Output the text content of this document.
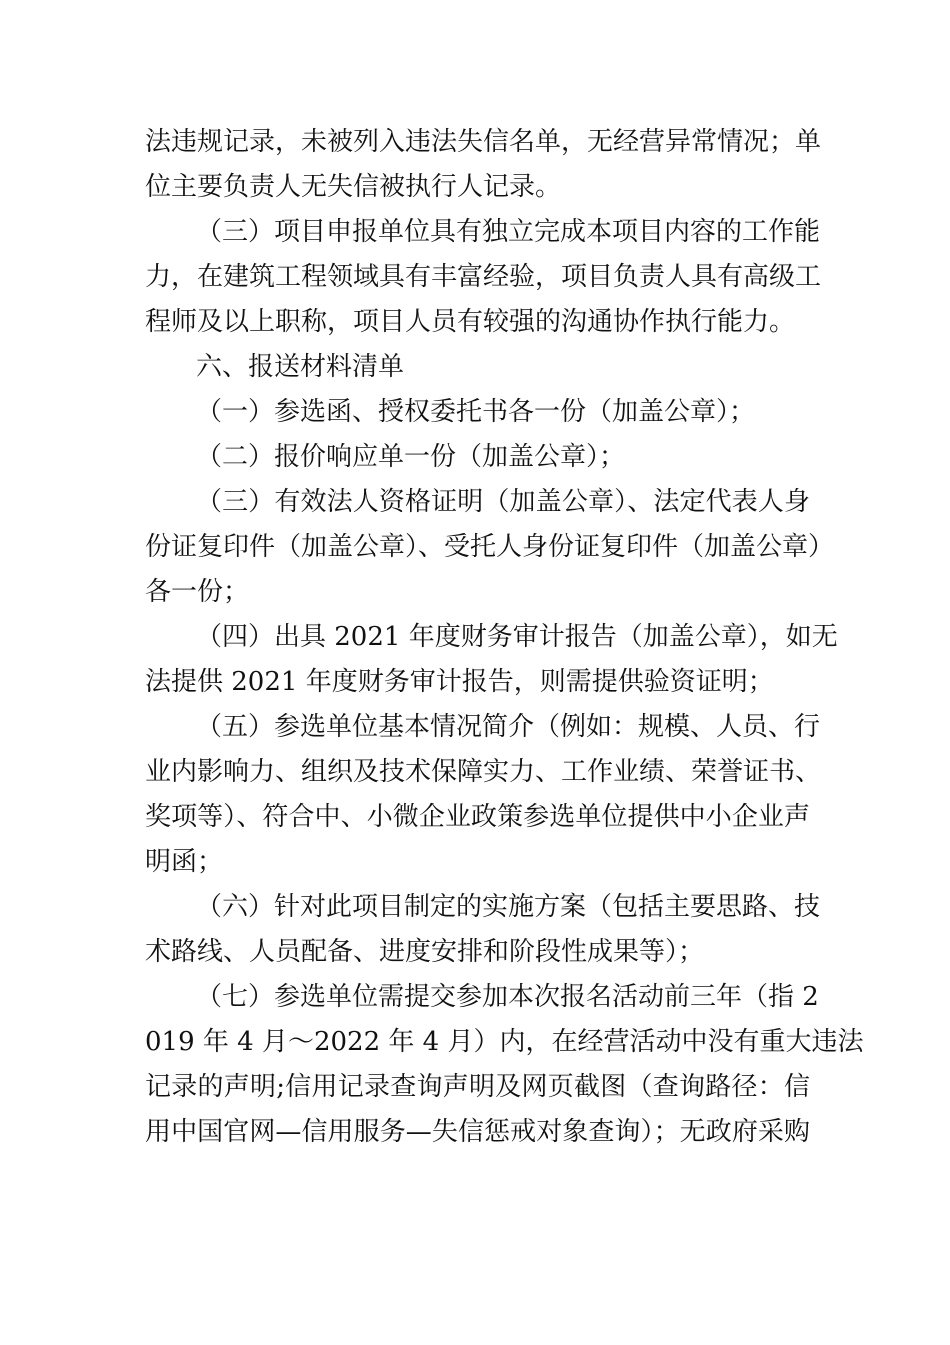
法违规记录，未被列入违法失信名单，无经营异常情况；单
位主要负责人无失信被执行人记录。
（三）项目申报单位具有独立完成本项目内容的工作能
力，在建筑工程领域具有丰富经验，项目负责人具有高级工
程师及以上职称，项目人员有较强的沟通协作执行能力。
六、报送材料清单
（一）参选函、授权委托书各一份（加盖公章）；
（二）报价响应单一份（加盖公章）；
（三）有效法人资格证明（加盖公章）、法定代表人身
份证复印件（加盖公章）、受托人身份证复印件（加盖公章）
各一份；
（四）出具 2021 年度财务审计报告（加盖公章），如无
法提供 2021 年度财务审计报告，则需提供验资证明；
（五）参选单位基本情况简介（例如：规模、人员、行
业内影响力、组织及技术保障实力、工作业绩、荣誉证书、
奖项等）、符合中、小微企业政策参选单位提供中小企业声
明函；
（六）针对此项目制定的实施方案（包括主要思路、技
术路线、人员配备、进度安排和阶段性成果等）；
（七）参选单位需提交参加本次报名活动前三年（指 2
019 年 4 月～2022 年 4 月）内，在经营活动中没有重大违法
记录的声明;信用记录查询声明及网页截图（查询路径：信
用中国官网—信用服务—失信惩戒对象查询）；无政府采购
